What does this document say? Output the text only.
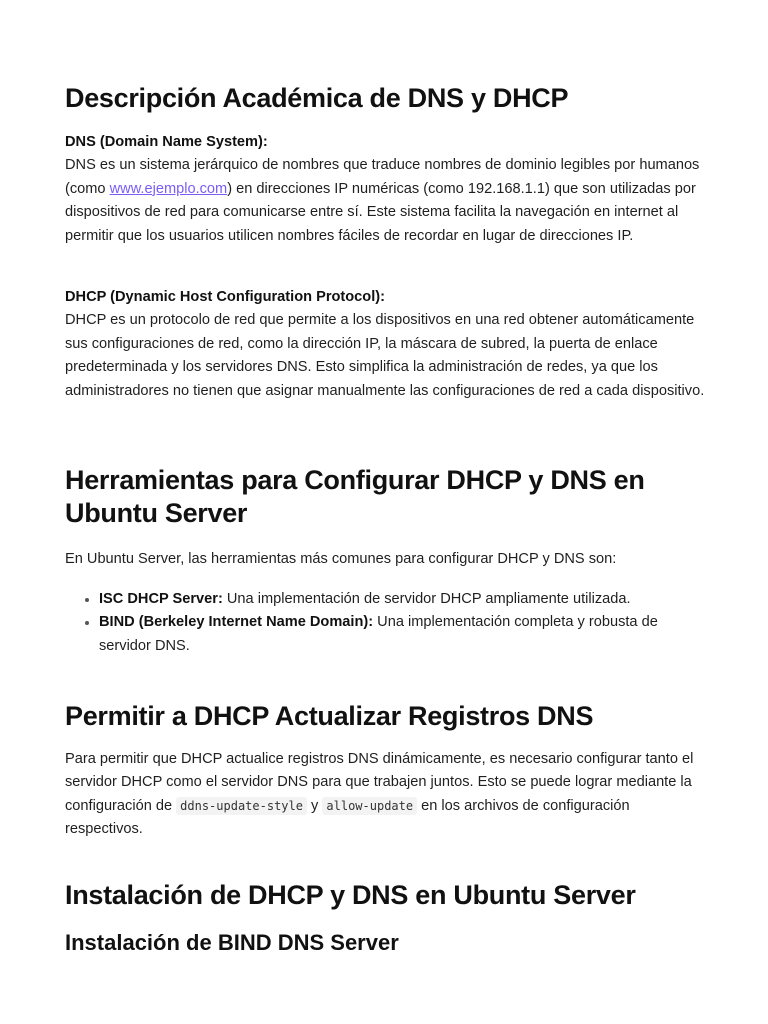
Descripción Académica de DNS y DHCP

DNS (Domain Name System):

DNS es un sistema jerárquico de nombres que traduce nombres de dominio legibles por humanos (como www.ejemplo.com) en direcciones IP numéricas (como 192.168.1.1) que son utilizadas por dispositivos de red para comunicarse entre sí. Este sistema facilita la navegación en internet al permitir que los usuarios utilicen nombres fáciles de recordar en lugar de direcciones IP.

DHCP (Dynamic Host Configuration Protocol):

DHCP es un protocolo de red que permite a los dispositivos en una red obtener automáticamente sus configuraciones de red, como la dirección IP, la máscara de subred, la puerta de enlace predeterminada y los servidores DNS. Esto simplifica la administración de redes, ya que los administradores no tienen que asignar manualmente las configuraciones de red a cada dispositivo.

Herramientas para Configurar DHCP y DNS en Ubuntu Server

En Ubuntu Server, las herramientas más comunes para configurar DHCP y DNS son:

ISC DHCP Server: Una implementación de servidor DHCP ampliamente utilizada.
BIND (Berkeley Internet Name Domain): Una implementación completa y robusta de servidor DNS.
Permitir a DHCP Actualizar Registros DNS

Para permitir que DHCP actualice registros DNS dinámicamente, es necesario configurar tanto el servidor DHCP como el servidor DNS para que trabajen juntos. Esto se puede lograr mediante la configuración de ddns-update-style y allow-update en los archivos de configuración respectivos.

Instalación de DHCP y DNS en Ubuntu Server
Instalación de BIND DNS Server
